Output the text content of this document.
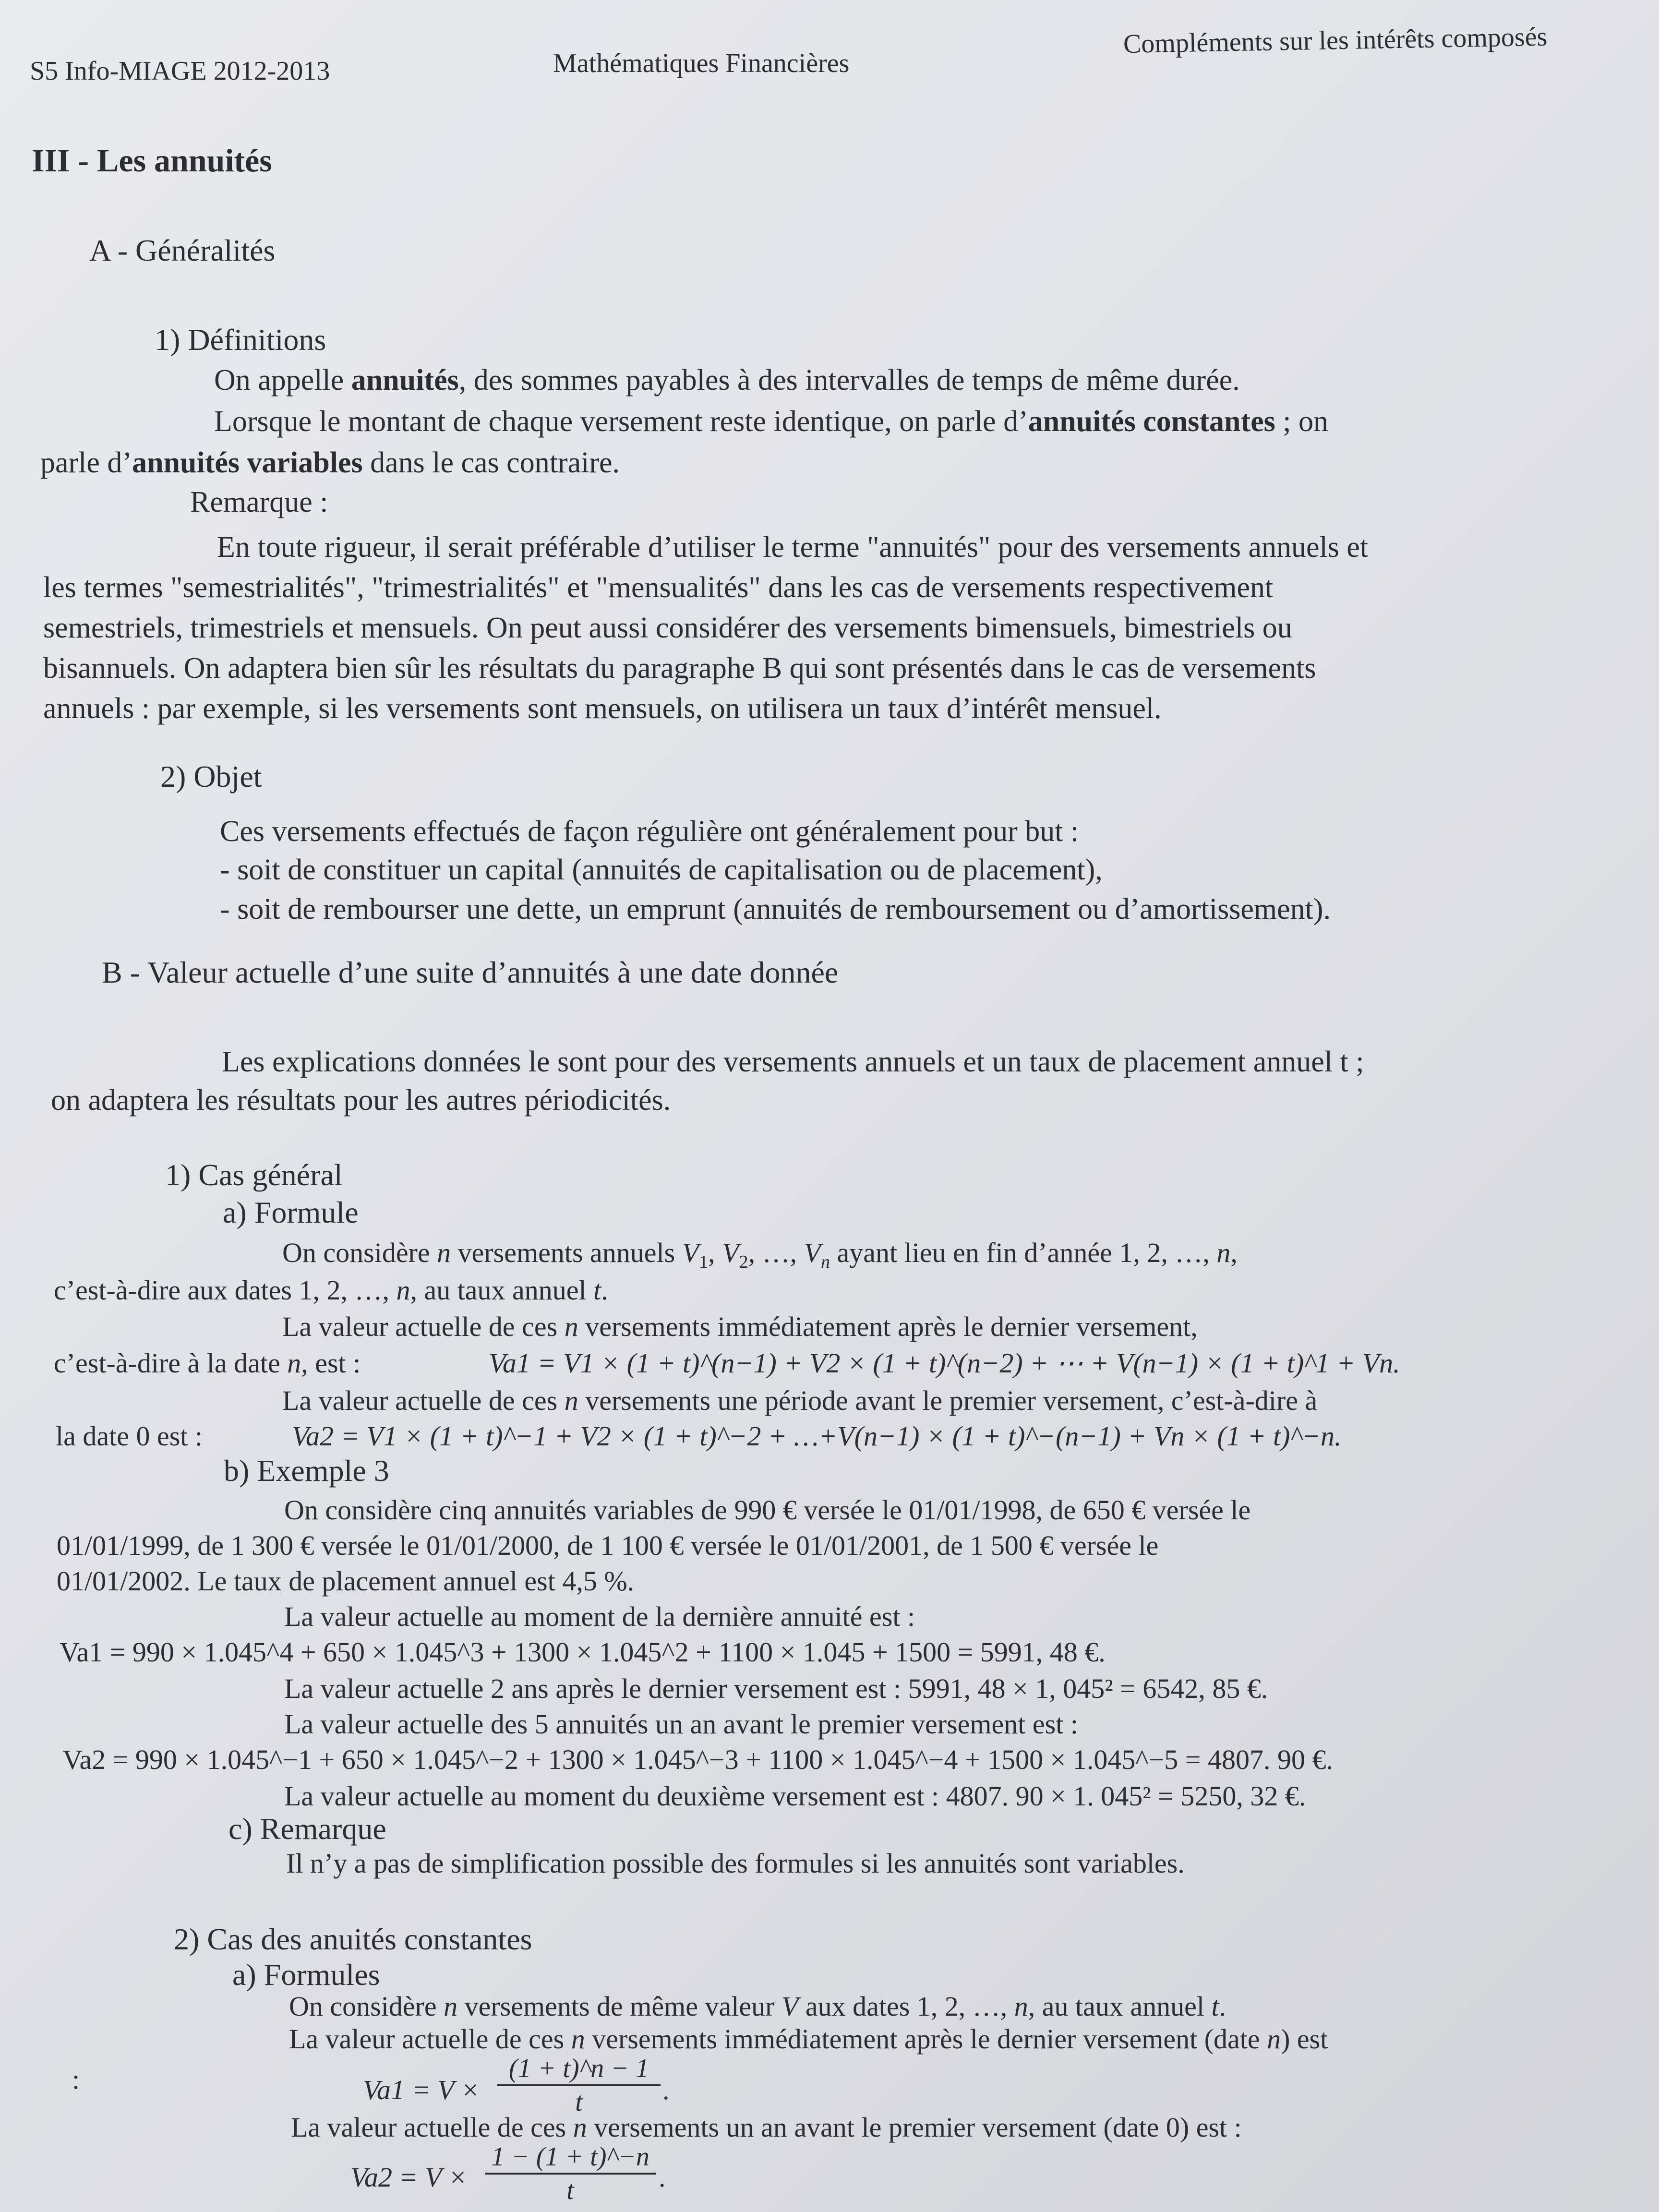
S5 Info-MIAGE 2012-2013	Mathématiques Financières
Compléments sur les intérêts composés
III - Les annuités
A - Généralités
1) Définitions
On appelle annuités, des sommes payables à des intervalles de temps de même durée.
Lorsque le montant de chaque versement reste identique, on parle d’annuités constantes ; on
parle d’annuités variables dans le cas contraire.
Remarque :
En toute rigueur, il serait préférable d’utiliser le terme "annuités" pour des versements annuels et
les termes "semestrialités", "trimestrialités" et "mensualités" dans les cas de versements respectivement
semestriels, trimestriels et mensuels. On peut aussi considérer des versements bimensuels, bimestriels ou
bisannuels. On adaptera bien sûr les résultats du paragraphe B qui sont présentés dans le cas de versements
annuels : par exemple, si les versements sont mensuels, on utilisera un taux d’intérêt mensuel.
2) Objet
Ces versements effectués de façon régulière ont généralement pour but :
- soit de constituer un capital (annuités de capitalisation ou de placement),
- soit de rembourser une dette, un emprunt (annuités de remboursement ou d’amortissement).
B - Valeur actuelle d’une suite d’annuités à une date donnée
Les explications données le sont pour des versements annuels et un taux de placement annuel t ;
on adaptera les résultats pour les autres périodicités.
1) Cas général
a) Formule
On considère n versements annuels $V_1$, $V_2$, …, $V_n$ ayant lieu en fin d’année 1, 2, …, n,
c’est-à-dire aux dates 1, 2, …, n, au taux annuel t.
La valeur actuelle de ces n versements immédiatement après le dernier versement,
c’est-à-dire à la date n, est :	Va1 = V1 × (1 + t)^(n−1) + V2 × (1 + t)^(n−2) + ⋯ + V(n−1) × (1 + t)^1 + Vn.
La valeur actuelle de ces n versements une période avant le premier versement, c’est-à-dire à
la date 0 est :	Va2 = V1 × (1 + t)^−1 + V2 × (1 + t)^−2 + …+V(n−1) × (1 + t)^−(n−1) + Vn × (1 + t)^−n.
b) Exemple 3
On considère cinq annuités variables de 990 € versée le 01/01/1998, de 650 € versée le
01/01/1999, de 1 300 € versée le 01/01/2000, de 1 100 € versée le 01/01/2001, de 1 500 € versée le
01/01/2002. Le taux de placement annuel est 4,5 %.
La valeur actuelle au moment de la dernière annuité est :
Va1 = 990 × 1.045^4 + 650 × 1.045^3 + 1300 × 1.045^2 + 1100 × 1.045 + 1500 = 5991, 48 €.
La valeur actuelle 2 ans après le dernier versement est : 5991, 48 × 1, 045² = 6542, 85 €.
La valeur actuelle des 5 annuités un an avant le premier versement est :
Va2 = 990 × 1.045^−1 + 650 × 1.045^−2 + 1300 × 1.045^−3 + 1100 × 1.045^−4 + 1500 × 1.045^−5 = 4807. 90 €.
La valeur actuelle au moment du deuxième versement est : 4807. 90 × 1. 045² = 5250, 32 €.
c) Remarque
Il n’y a pas de simplification possible des formules si les annuités sont variables.
2) Cas des anuités constantes
a) Formules
On considère n versements de même valeur V aux dates 1, 2, …, n, au taux annuel t.
La valeur actuelle de ces n versements immédiatement après le dernier versement (date n) est
:	Va1 = V ×
(1 + t)^n − 1
t	.
La valeur actuelle de ces n versements un an avant le premier versement (date 0) est :
Va2 = V ×
1 − (1 + t)^−n
t	.
